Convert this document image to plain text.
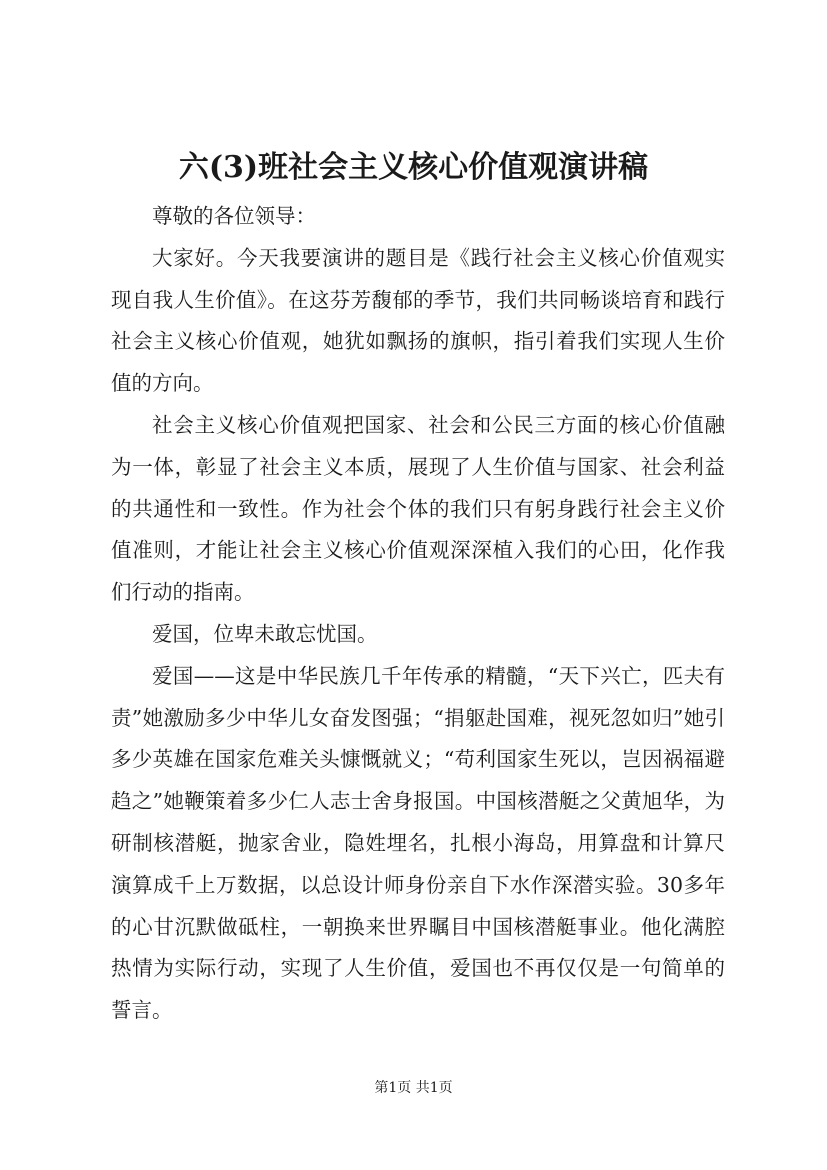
六(3)班社会主义核心价值观演讲稿

尊敬的各位领导：

大家好。今天我要演讲的题目是《践行社会主义核心价值观实现自我人生价值》。在这芬芳馥郁的季节，我们共同畅谈培育和践行社会主义核心价值观，她犹如飘扬的旗帜，指引着我们实现人生价值的方向。

社会主义核心价值观把国家、社会和公民三方面的核心价值融为一体，彰显了社会主义本质，展现了人生价值与国家、社会利益的共通性和一致性。作为社会个体的我们只有躬身践行社会主义价值准则，才能让社会主义核心价值观深深植入我们的心田，化作我们行动的指南。

爱国，位卑未敢忘忧国。

爱国——这是中华民族几千年传承的精髓，“天下兴亡，匹夫有责”她激励多少中华儿女奋发图强；“捐躯赴国难，视死忽如归”她引多少英雄在国家危难关头慷慨就义；“苟利国家生死以，岂因祸福避趋之”她鞭策着多少仁人志士舍身报国。中国核潜艇之父黄旭华，为研制核潜艇，抛家舍业，隐姓埋名，扎根小海岛，用算盘和计算尺演算成千上万数据，以总设计师身份亲自下水作深潜实验。30多年的心甘沉默做砥柱，一朝换来世界瞩目中国核潜艇事业。他化满腔热情为实际行动，实现了人生价值，爱国也不再仅仅是一句简单的誓言。

第1页 共1页
